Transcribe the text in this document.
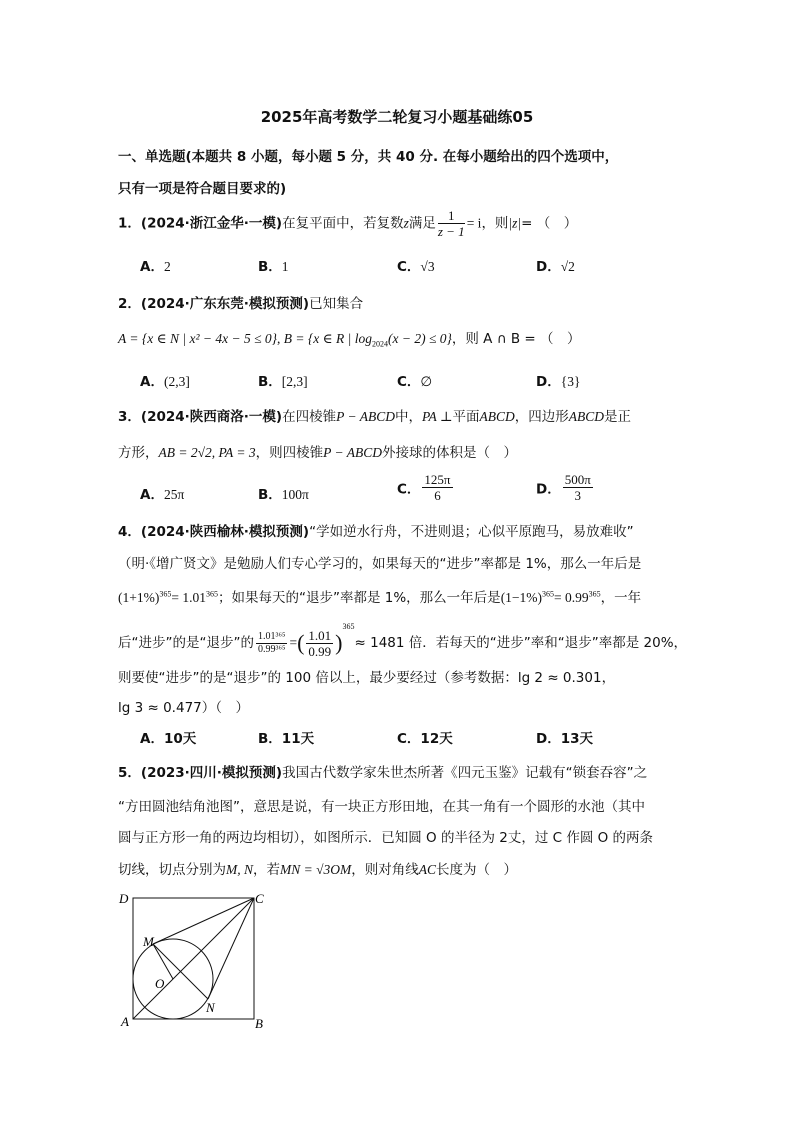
2025年高考数学二轮复习小题基础练05
一、单选题(本题共 8 小题，每小题 5 分，共 40 分. 在每小题给出的四个选项中，
只有一项是符合题目要求的)
1．(2024·浙江金华·一模)在复平面中，若复数z满足 $\frac{1}{z - 1} = i$，则|z|= （　）
A．2	B．1	C．√3	D．√2
2．(2024·广东东莞·模拟预测)已知集合
A = {x ∈ N | x² − 4x − 5 ≤ 0}, B = {x ∈ R | $\log_{2024}(x - 2) \le 0$}，则 A ∩ B = （　）
A．(2,3]	B．[2,3]	C．∅	D．{3}
3．(2024·陕西商洛·一模)在四棱锥P − ABCD中，PA ⊥平面ABCD，四边形ABCD是正
方形，AB = 2√2, PA = 3，则四棱锥P − ABCD外接球的体积是（　）
A．25π	B．100π	C． $\frac{125\pi}{6}$	D． $\frac{500\pi}{3}$
4．(2024·陕西榆林·模拟预测)“学如逆水行舟，不进则退；心似平原跑马，易放难收”
（明·《增广贤文》是勉励人们专心学习的，如果每天的“进步”率都是 1%，那么一年后是
$(1+1\%)^{365}= 1.01^{365}$；如果每天的“退步”率都是 1%，那么一年后是$(1-1\%)^{365}= 0.99^{365}$，一年
后“进步”的是“退步”的 $\frac{\text{1.01³⁶⁵}}{\text{0.99³⁶⁵}}$ =( $\frac{1.01}{0.99} )^{365}\approx 1481$ 倍．若每天的“进步”率和“退步”率都是 20%，
则要使“进步”的是“退步”的 100 倍以上，最少要经过（参考数据：lg 2 ≈ 0.301，
lg 3 ≈ 0.477）（　）
A．10天	B．11天	C．12天	D．13天
5．(2023·四川·模拟预测)我国古代数学家朱世杰所著《四元玉鉴》记载有“锁套吞容”之
“方田圆池结角池图”，意思是说，有一块正方形田地，在其一角有一个圆形的水池（其中
圆与正方形一角的两边均相切），如图所示．已知圆 O 的半径为 2丈，过 C 作圆 O 的两条
切线，切点分别为M, N，若MN = √3OM，则对角线AC长度为（　）
D	C
A	B
M
N
O
